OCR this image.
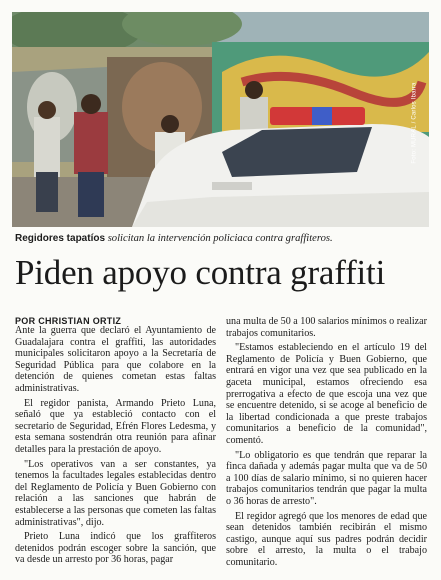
Foto: MURAL / Carlos Ibarra
Regidores tapatíos solicitan la intervención policiaca contra graffiteros.
Piden apoyo contra graffiti
POR CHRISTIAN ORTIZ

Ante la guerra que declaró el Ayuntamiento de Guadalajara contra el graffiti, las autoridades municipales solicitaron apoyo a la Secretaría de Seguridad Pública para que colabore en la detención de quienes cometan estas faltas administrativas.

El regidor panista, Armando Prieto Luna, señaló que ya estableció contacto con el secretario de Seguridad, Efrén Flores Ledesma, y esta semana sostendrán otra reunión para afinar detalles para la prestación de apoyo.

"Los operativos van a ser constantes, ya tenemos la facultades legales establecidas dentro del Reglamento de Policía y Buen Gobierno con relación a las sanciones que habrán de establecerse a las personas que cometen las faltas administrativas", dijo.

Prieto Luna indicó que los graffiteros detenidos podrán escoger sobre la sanción, que va desde un arresto por 36 horas, pagar

una multa de 50 a 100 salarios mínimos o realizar trabajos comunitarios.

"Estamos estableciendo en el artículo 19 del Reglamento de Policía y Buen Gobierno, que entrará en vigor una vez que sea publicado en la gaceta municipal, estamos ofreciendo esa prerrogativa a efecto de que escoja una vez que se encuentre detenido, si se acoge al beneficio de la libertad condicionada a que preste trabajos comunitarios a beneficio de la comunidad", comentó.

"Lo obligatorio es que tendrán que reparar la finca dañada y además pagar multa que va de 50 a 100 días de salario mínimo, si no quieren hacer trabajos comunitarios tendrán que pagar la multa o 36 horas de arresto".

El regidor agregó que los menores de edad que sean detenidos también recibirán el mismo castigo, aunque aquí sus padres podrán decidir sobre el arresto, la multa o el trabajo comunitario.
